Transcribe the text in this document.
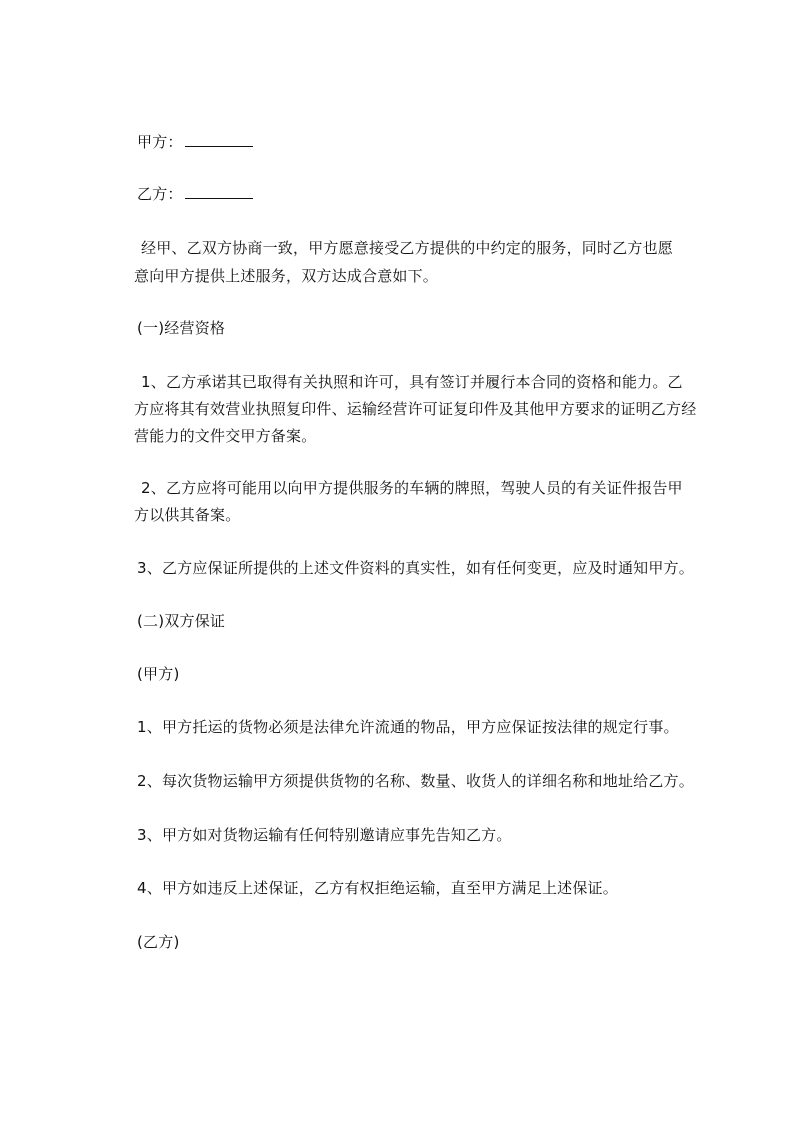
甲方：
乙方：
经甲、乙双方协商一致，甲方愿意接受乙方提供的中约定的服务，同时乙方也愿
意向甲方提供上述服务，双方达成合意如下。
(一)经营资格
1、乙方承诺其已取得有关执照和许可，具有签订并履行本合同的资格和能力。乙
方应将其有效营业执照复印件、运输经营许可证复印件及其他甲方要求的证明乙方经
营能力的文件交甲方备案。
2、乙方应将可能用以向甲方提供服务的车辆的牌照，驾驶人员的有关证件报告甲
方以供其备案。
3、乙方应保证所提供的上述文件资料的真实性，如有任何变更，应及时通知甲方。
(二)双方保证
(甲方)
1、甲方托运的货物必须是法律允许流通的物品，甲方应保证按法律的规定行事。
2、每次货物运输甲方须提供货物的名称、数量、收货人的详细名称和地址给乙方。
3、甲方如对货物运输有任何特别邀请应事先告知乙方。
4、甲方如违反上述保证，乙方有权拒绝运输，直至甲方满足上述保证。
(乙方)
